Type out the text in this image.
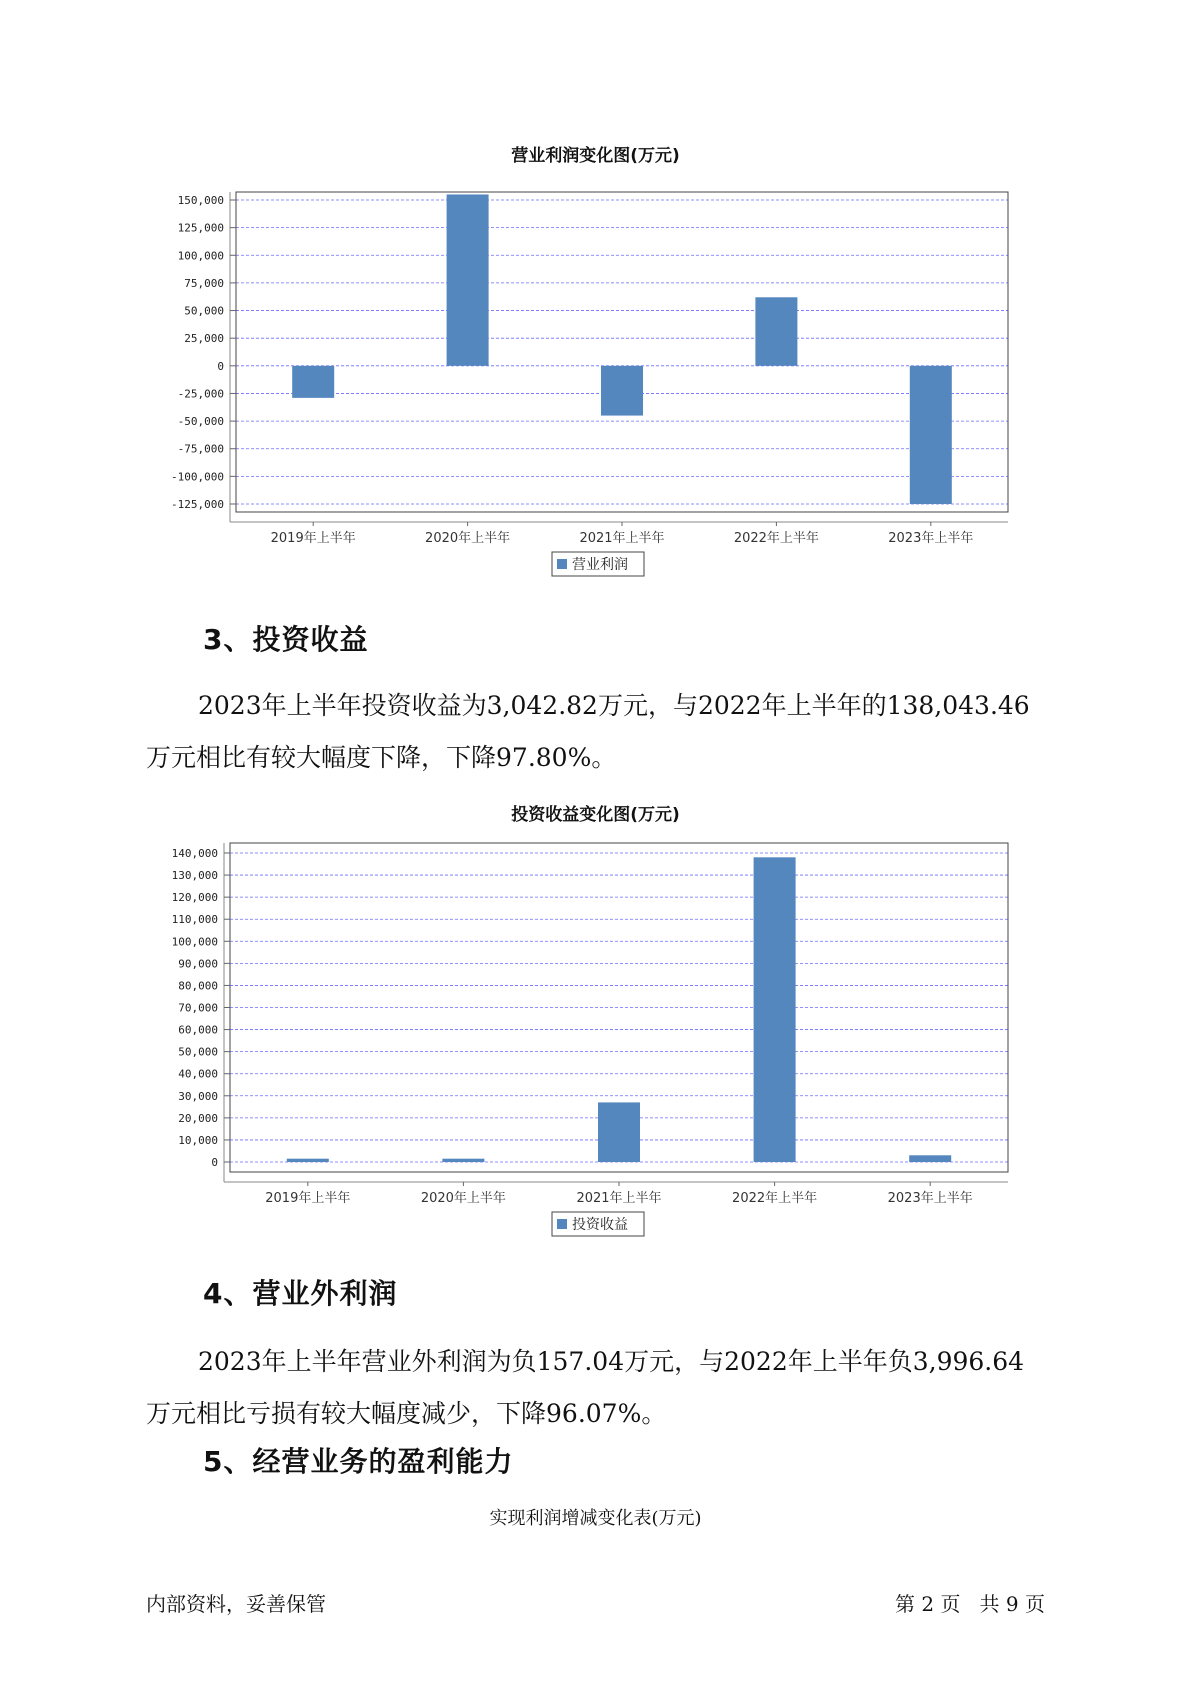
营业利润变化图(万元)
150,000
125,000
100,000
75,000
50,000
25,000
0
-25,000
-50,000
-75,000
-100,000
-125,000
2019年上半年	2020年上半年	2021年上半年	2022年上半年	2023年上半年
营业利润
3、投资收益
2023年上半年投资收益为3,042.82万元，与2022年上半年的138,043.46
万元相比有较大幅度下降，下降97.80%。
投资收益变化图(万元)
140,000
130,000
120,000
110,000
100,000
90,000
80,000
70,000
60,000
50,000
40,000
30,000
20,000
10,000
0
2019年上半年	2020年上半年	2021年上半年	2022年上半年	2023年上半年
投资收益
4、营业外利润
2023年上半年营业外利润为负157.04万元，与2022年上半年负3,996.64
万元相比亏损有较大幅度减少，下降96.07%。
5、经营业务的盈利能力
实现利润增减变化表(万元)
内部资料，妥善保管	第 2 页   共 9 页
